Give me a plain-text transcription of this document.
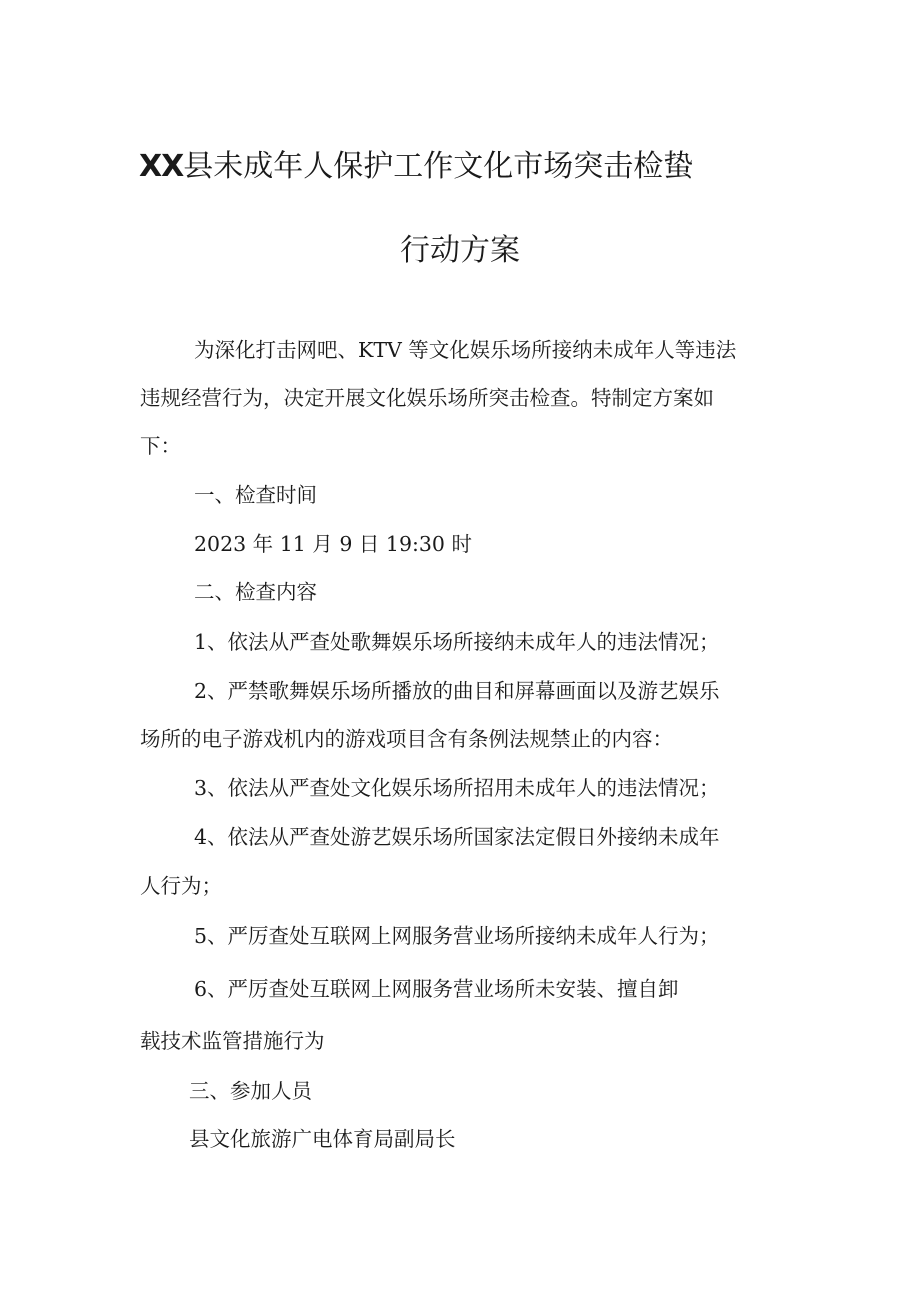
XX县未成年人保护工作文化市场突击检蛰
行动方案

为深化打击网吧、KTV 等文化娱乐场所接纳未成年人等违法

违规经营行为，决定开展文化娱乐场所突击检查。特制定方案如

下：

一、检查时间

2023 年 11 月 9 日 19:30 时

二、检查内容

1、依法从严查处歌舞娱乐场所接纳未成年人的违法情况；

2、严禁歌舞娱乐场所播放的曲目和屏幕画面以及游艺娱乐

场所的电子游戏机内的游戏项目含有条例法规禁止的内容：

3、依法从严查处文化娱乐场所招用未成年人的违法情况；

4、依法从严查处游艺娱乐场所国家法定假日外接纳未成年

人行为；

5、严厉查处互联网上网服务营业场所接纳未成年人行为；

6、严厉查处互联网上网服务营业场所未安装、擅自卸

载技术监管措施行为

三、参加人员

县文化旅游广电体育局副局长
